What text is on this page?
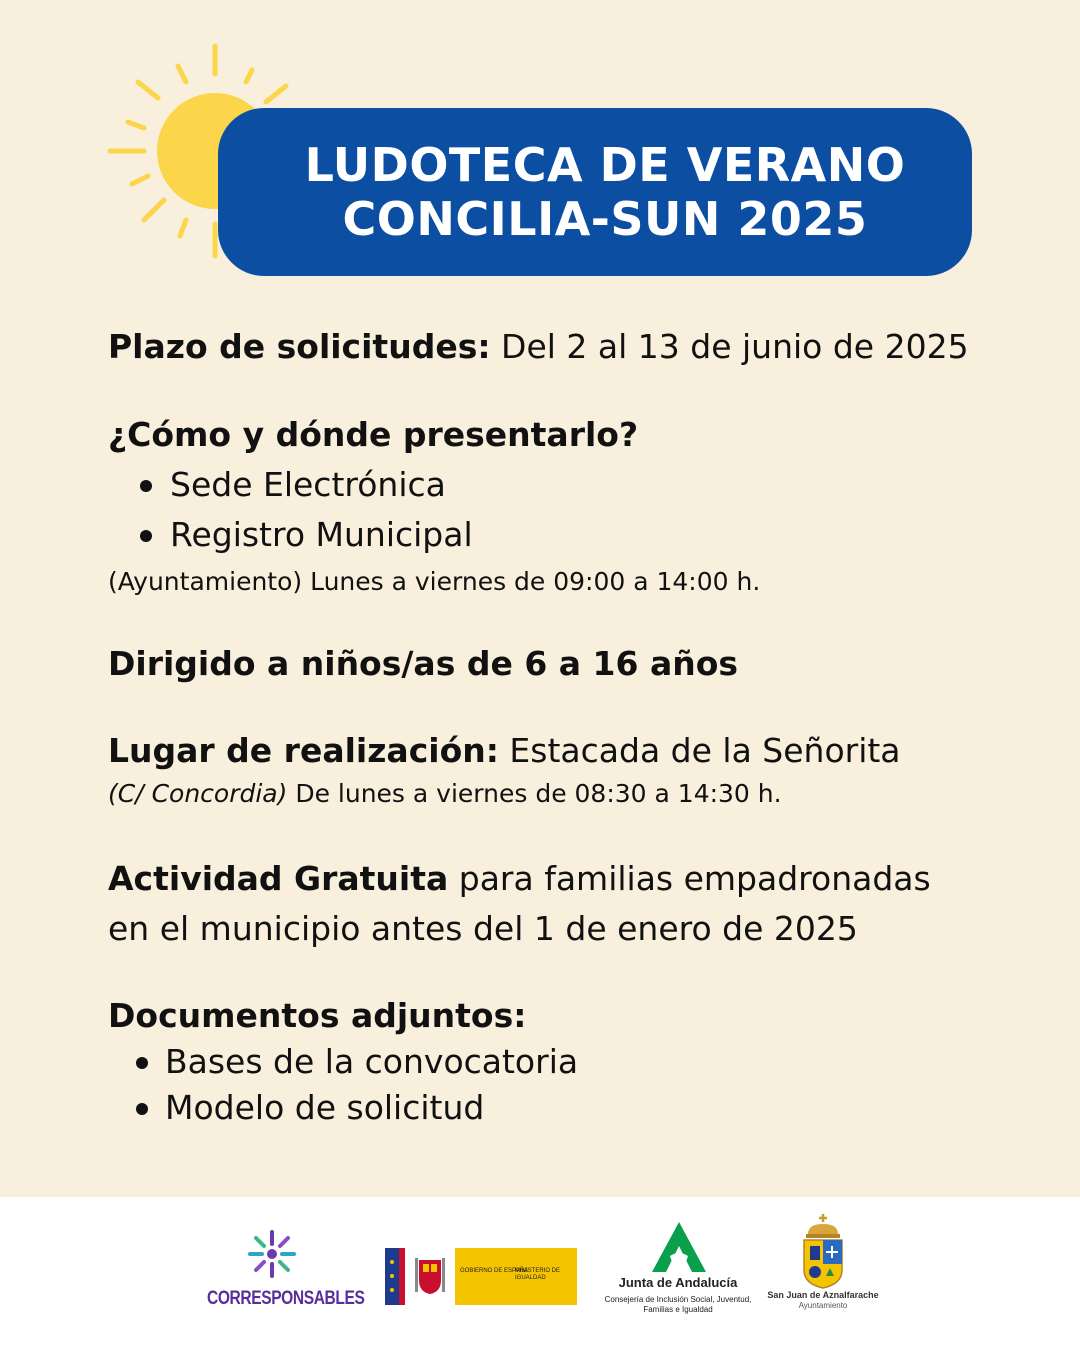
LUDOTECA DE VERANO
CONCILIA-SUN 2025
Plazo de solicitudes: Del 2 al 13 de junio de 2025
¿Cómo y dónde presentarlo?
Sede Electrónica
Registro Municipal
(Ayuntamiento) Lunes a viernes de 09:00 a 14:00 h.
Dirigido a niños/as de 6 a 16 años
Lugar de realización: Estacada de la Señorita
(C/ Concordia) De lunes a viernes de 08:30 a 14:30 h.
Actividad Gratuita para familias empadronadas
en el municipio antes del 1 de enero de 2025
Documentos adjuntos:
Bases de la convocatoria
Modelo de solicitud
CORRESPONSABLES
GOBIERNO DE ESPAÑA
MINISTERIO DE IGUALDAD	Junta de Andalucía
Consejería de Inclusión Social, Juventud, Familias e Igualdad
San Juan de Aznalfarache
Ayuntamiento
